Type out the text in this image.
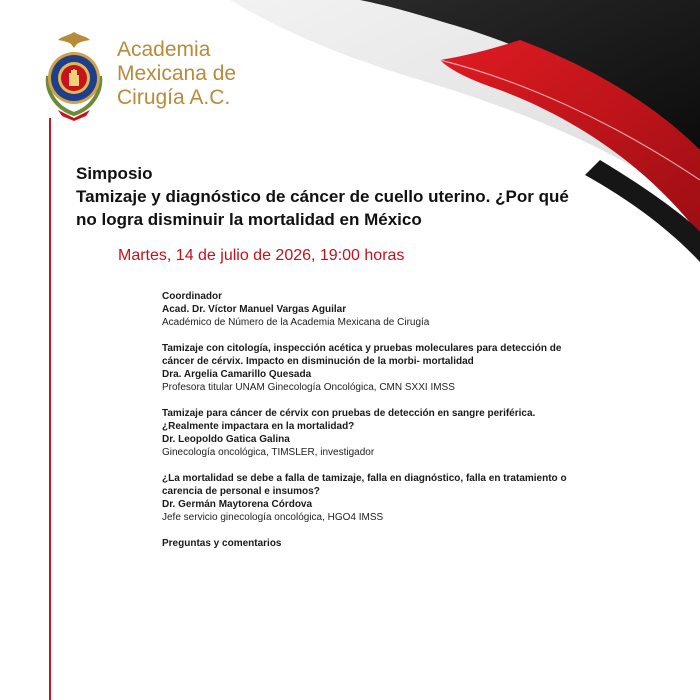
Academia
Mexicana de
Cirugía A.C.
Simposio
Tamizaje y diagnóstico de cáncer de cuello uterino. ¿Por qué
no logra disminuir la mortalidad en México
Martes, 14 de julio de 2026, 19:00 horas
Coordinador
Acad. Dr. Víctor Manuel Vargas Aguilar
Académico de Número de la Academia Mexicana de Cirugía
Tamizaje con citología, inspección acética y pruebas moleculares para detección de
cáncer de cérvix. Impacto en disminución de la morbi- mortalidad
Dra. Argelia Camarillo Quesada
Profesora titular UNAM Ginecología Oncológica, CMN SXXI IMSS
Tamizaje para cáncer de cérvix con pruebas de detección en sangre periférica.
¿Realmente impactara en la mortalidad?
Dr. Leopoldo Gatica Galina
Ginecología oncológica, TIMSLER, investigador
¿La mortalidad se debe a falla de tamizaje, falla en diagnóstico, falla en tratamiento o
carencia de personal e insumos?
Dr. Germán Maytorena Córdova
Jefe servicio ginecología oncológica, HGO4 IMSS
Preguntas y comentarios
